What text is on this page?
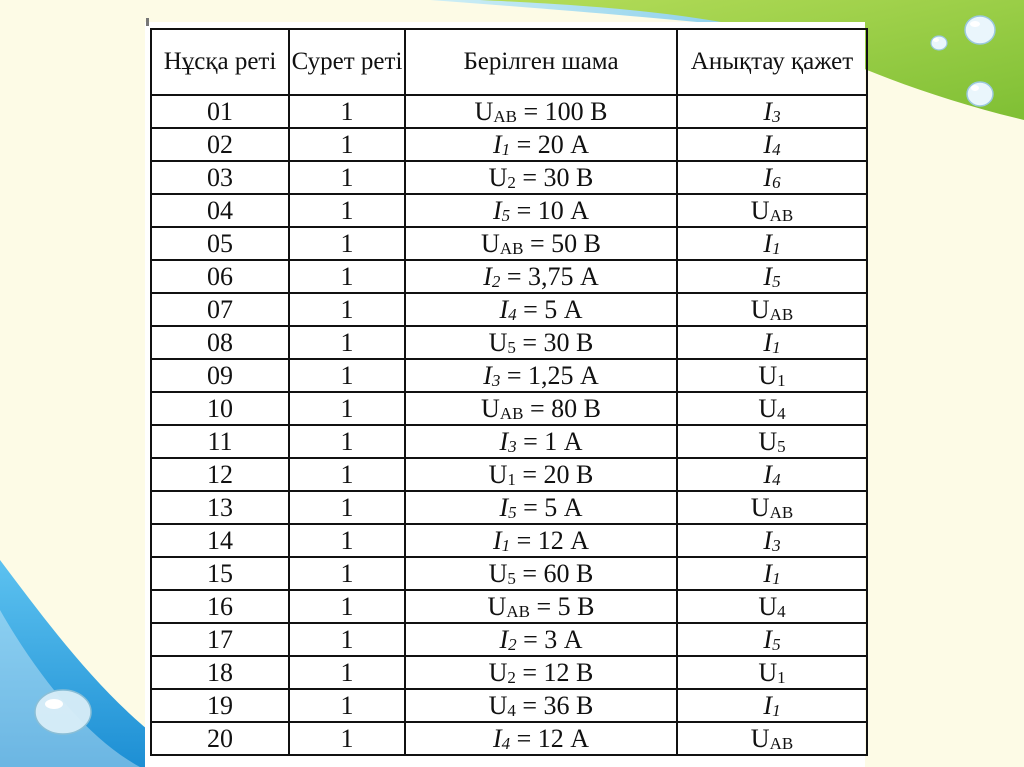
Нұсқа реті	Сурет реті	Берілген шама	Анықтау қажет
01	1	$U_{AB} = 100$ В	$I_3$
02	1	$I_1 = 20$ А	$I_4$
03	1	$U_2 = 30$ В	$I_6$
04	1	$I_5 = 10$ А	$U_{AB}$
05	1	$U_{AB} = 50$ В	$I_1$
06	1	$I_2 = 3,75$ А	$I_5$
07	1	$I_4 = 5$ А	$U_{AB}$
08	1	$U_5 = 30$ В	$I_1$
09	1	$I_3 = 1,25$ А	$U_1$
10	1	$U_{AB} = 80$ В	$U_4$
11	1	$I_3 = 1$ А	$U_5$
12	1	$U_1 = 20$ В	$I_4$
13	1	$I_5 = 5$ А	$U_{AB}$
14	1	$I_1 = 12$ А	$I_3$
15	1	$U_5 = 60$ В	$I_1$
16	1	$U_{AB} = 5$ В	$U_4$
17	1	$I_2 = 3$ А	$I_5$
18	1	$U_2 = 12$ В	$U_1$
19	1	$U_4 = 36$ В	$I_1$
20	1	$I_4 = 12$ А	$U_{AB}$
